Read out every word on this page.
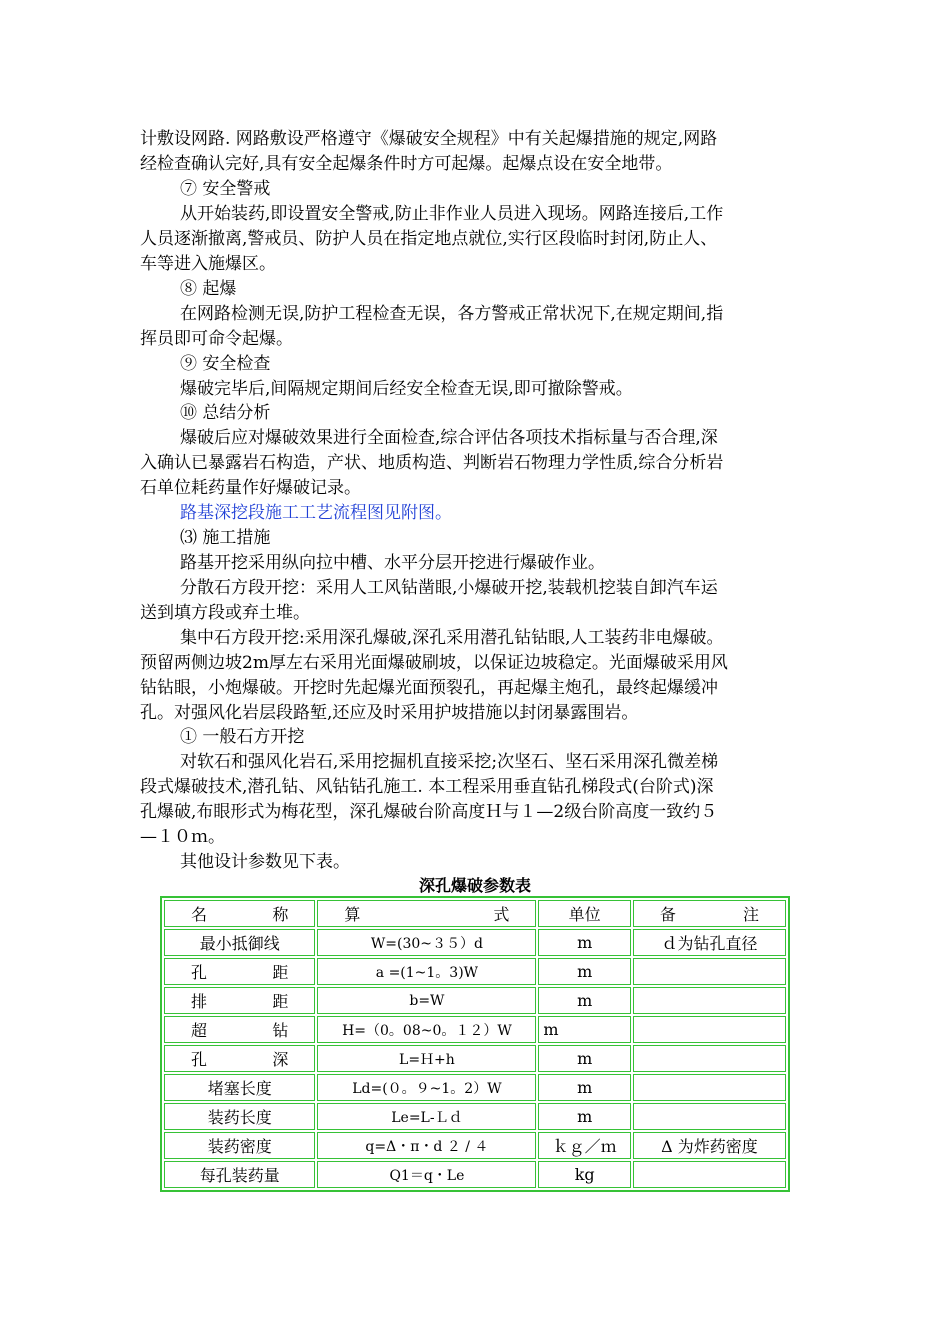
计敷设网路. 网路敷设严格遵守《爆破安全规程》中有关起爆措施的规定,网路
经检查确认完好,具有安全起爆条件时方可起爆。起爆点设在安全地带。
⑦ 安全警戒
从开始装药,即设置安全警戒,防止非作业人员进入现场。网路连接后,工作
人员逐渐撤离,警戒员、防护人员在指定地点就位,实行区段临时封闭,防止人、
车等进入施爆区。
⑧ 起爆
在网路检测无误,防护工程检查无误，各方警戒正常状况下,在规定期间,指
挥员即可命令起爆。
⑨ 安全检查
爆破完毕后,间隔规定期间后经安全检查无误,即可撤除警戒。
⑩ 总结分析
爆破后应对爆破效果进行全面检查,综合评估各项技术指标量与否合理,深
入确认已暴露岩石构造，产状、地质构造、判断岩石物理力学性质,综合分析岩
石单位耗药量作好爆破记录。
路基深挖段施工工艺流程图见附图。
⑶ 施工措施
路基开挖采用纵向拉中槽、水平分层开挖进行爆破作业。
分散石方段开挖：采用人工风钻凿眼,小爆破开挖,装载机挖装自卸汽车运
送到填方段或弃土堆。
集中石方段开挖:采用深孔爆破,深孔采用潜孔钻钻眼,人工装药非电爆破。
预留两侧边坡2m厚左右采用光面爆破刷坡，以保证边坡稳定。光面爆破采用风
钻钻眼，小炮爆破。开挖时先起爆光面预裂孔，再起爆主炮孔，最终起爆缓冲
孔。对强风化岩层段路堑,还应及时采用护坡措施以封闭暴露围岩。
① 一般石方开挖
对软石和强风化岩石,采用挖掘机直接采挖;次坚石、坚石采用深孔微差梯
段式爆破技术,潜孔钻、风钻钻孔施工. 本工程采用垂直钻孔梯段式(台阶式)深
孔爆破,布眼形式为梅花型，深孔爆破台阶高度Ｈ与１—2级台阶高度一致约５
—１０ｍ。
其他设计参数见下表。
深孔爆破参数表
名 称	算 式	单位	备 注
最小抵御线	W=(30~３５）d	m	ｄ为钻孔直径
孔距	a =(1~1。3)W	m	
排距	b=W	m	
超钻	H=（0。08~0。１２）W	m	
孔深	L=Ｈ+h	m	
堵塞长度	Ld=(０。９~1。2）W	m	
装药长度	Le=L-Ｌｄ	m	
装药密度	q=Δ・π・d ２ / ４	ｋｇ／ｍ	Δ 为炸药密度
每孔装药量	Q1＝q・Le	kg	
